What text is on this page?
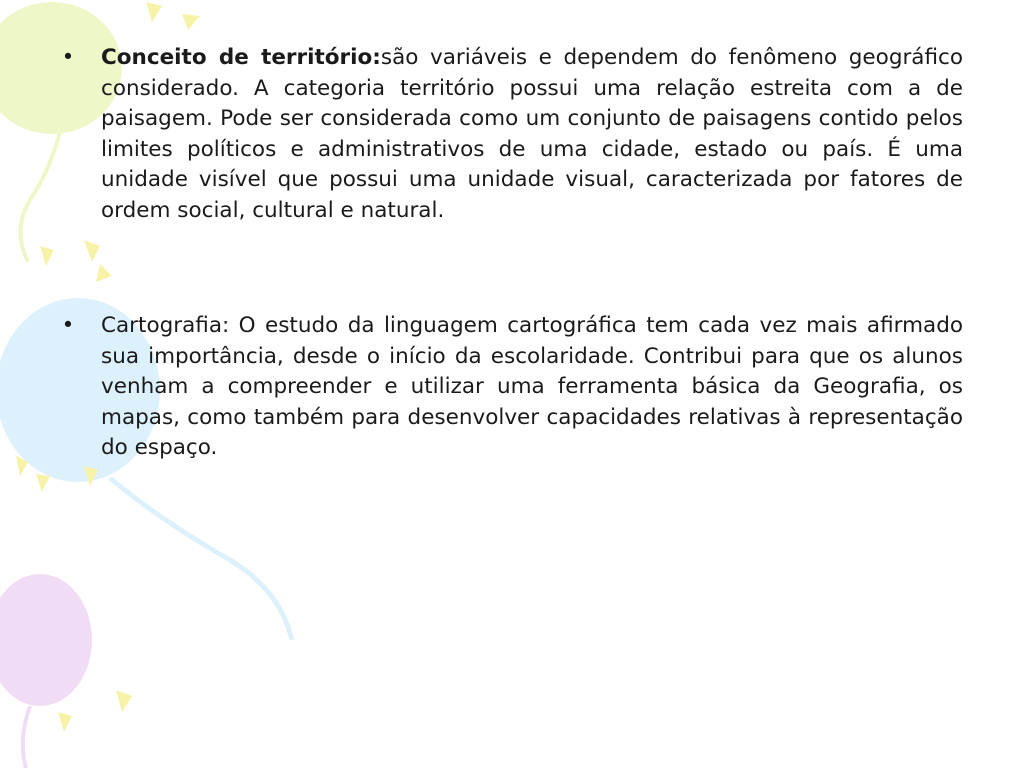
• Conceito de território:são variáveis e dependem do fenômeno geográfico considerado. A categoria território possui uma relação estreita com a de paisagem. Pode ser considerada como um conjunto de paisagens contido pelos limites políticos e administrativos de uma cidade, estado ou país. É uma unidade visível que possui uma unidade visual, caracterizada por fatores de ordem social, cultural e natural.
• Cartografia: O estudo da linguagem cartográfica tem cada vez mais afirmado sua importância, desde o início da escolaridade. Contribui para que os alunos venham a compreender e utilizar uma ferramenta básica da Geografia, os mapas, como também para desenvolver capacidades relativas à representação do espaço.
